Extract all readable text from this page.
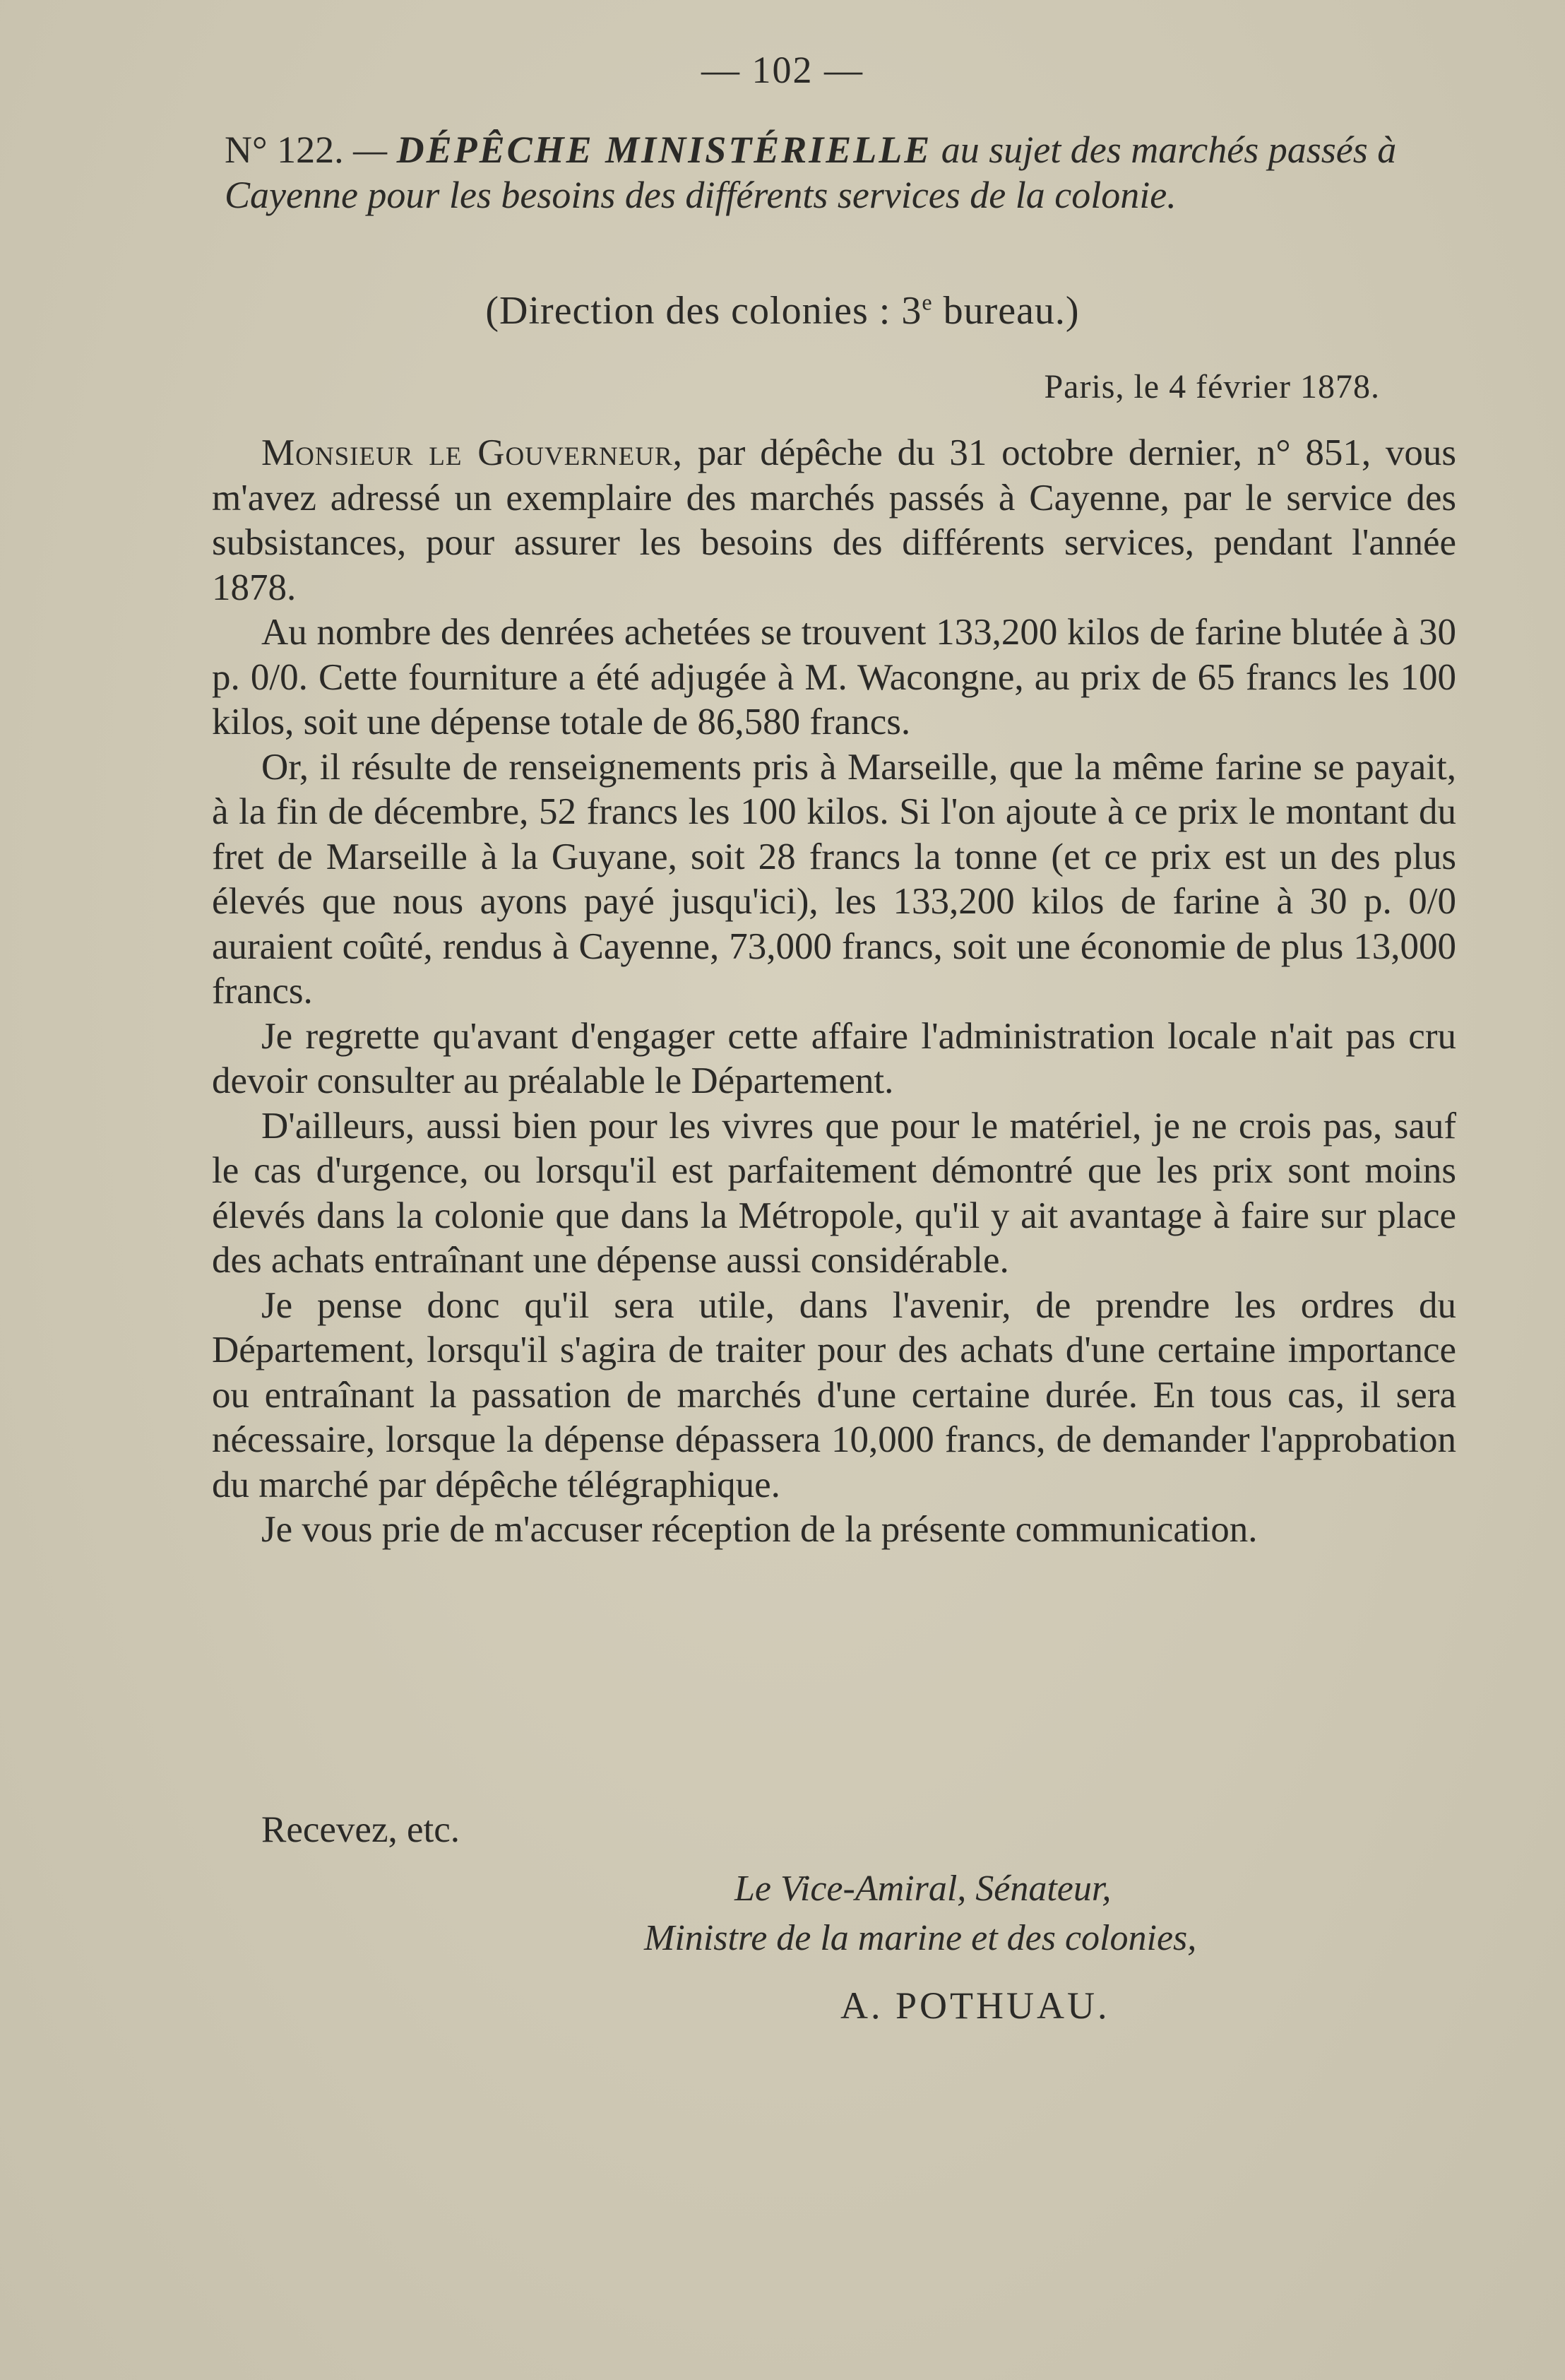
— 102 —
N° 122. — DÉPÊCHE MINISTÉRIELLE au sujet des marchés passés à Cayenne pour les besoins des différents services de la colonie.
(Direction des colonies : 3e bureau.)
Paris, le 4 février 1878.

Monsieur le Gouverneur, par dépêche du 31 octobre dernier, n° 851, vous m'avez adressé un exemplaire des marchés passés à Cayenne, par le service des subsistances, pour assurer les besoins des différents services, pendant l'année 1878.

Au nombre des denrées achetées se trouvent 133,200 kilos de farine blutée à 30 p. 0/0. Cette fourniture a été adjugée à M. Wacongne, au prix de 65 francs les 100 kilos, soit une dépense totale de 86,580 francs.

Or, il résulte de renseignements pris à Marseille, que la même farine se payait, à la fin de décembre, 52 francs les 100 kilos. Si l'on ajoute à ce prix le montant du fret de Marseille à la Guyane, soit 28 francs la tonne (et ce prix est un des plus élevés que nous ayons payé jusqu'ici), les 133,200 kilos de farine à 30 p. 0/0 auraient coûté, rendus à Cayenne, 73,000 francs, soit une économie de plus 13,000 francs.

Je regrette qu'avant d'engager cette affaire l'administration locale n'ait pas cru devoir consulter au préalable le Département.

D'ailleurs, aussi bien pour les vivres que pour le matériel, je ne crois pas, sauf le cas d'urgence, ou lorsqu'il est parfaitement démontré que les prix sont moins élevés dans la colonie que dans la Métropole, qu'il y ait avantage à faire sur place des achats entraînant une dépense aussi considérable.

Je pense donc qu'il sera utile, dans l'avenir, de prendre les ordres du Département, lorsqu'il s'agira de traiter pour des achats d'une certaine importance ou entraînant la passation de marchés d'une certaine durée. En tous cas, il sera nécessaire, lorsque la dépense dépassera 10,000 francs, de demander l'approbation du marché par dépêche télégraphique.

Je vous prie de m'accuser réception de la présente communication.

Recevez, etc.
Le Vice-Amiral, Sénateur,
Ministre de la marine et des colonies,
A. POTHUAU.
